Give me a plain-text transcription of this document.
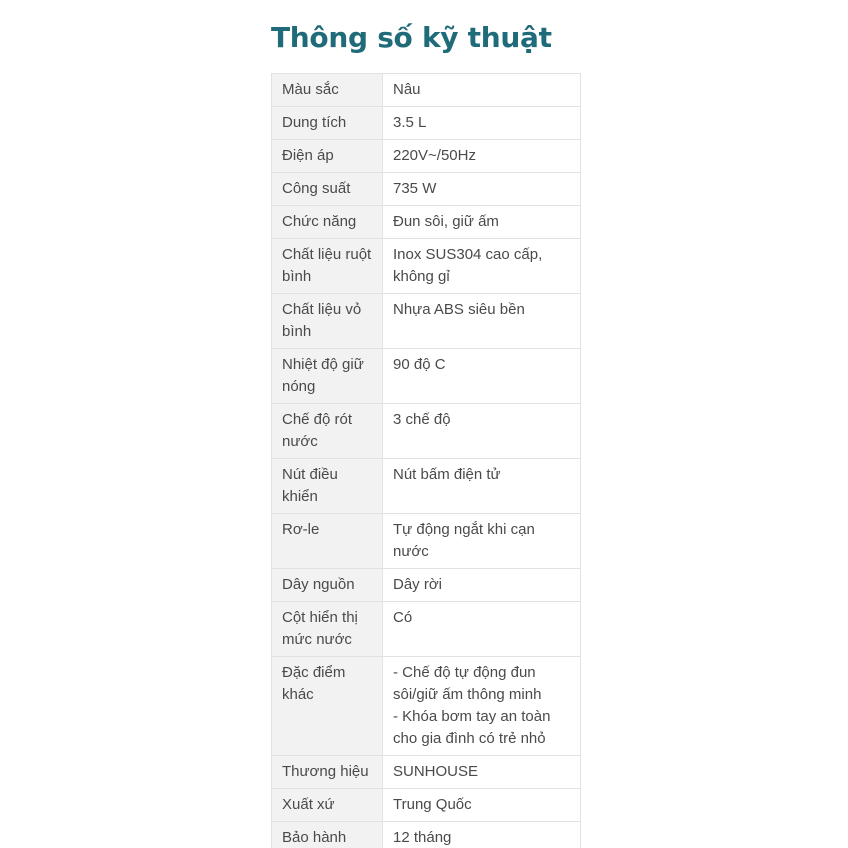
Thông số kỹ thuật
Màu sắc	Nâu

Dung tích	3.5 L

Điện áp	220V~/50Hz

Công suất	735 W

Chức năng	Đun sôi, giữ ấm

Chất liệu ruột bình	Inox SUS304 cao cấp, không gỉ

Chất liệu vỏ bình	Nhựa ABS siêu bền

Nhiệt độ giữ nóng	90 độ C

Chế độ rót nước	3 chế độ

Nút điều khiển	Nút bấm điện tử

Rơ-le	Tự động ngắt khi cạn nước

Dây nguồn	Dây rời

Cột hiển thị mức nước	Có

Đặc điểm khác	- Chế độ tự động đun sôi/giữ ấm thông minh
- Khóa bơm tay an toàn cho gia đình có trẻ nhỏ

Thương hiệu	SUNHOUSE

Xuất xứ	Trung Quốc

Bảo hành	12 tháng
